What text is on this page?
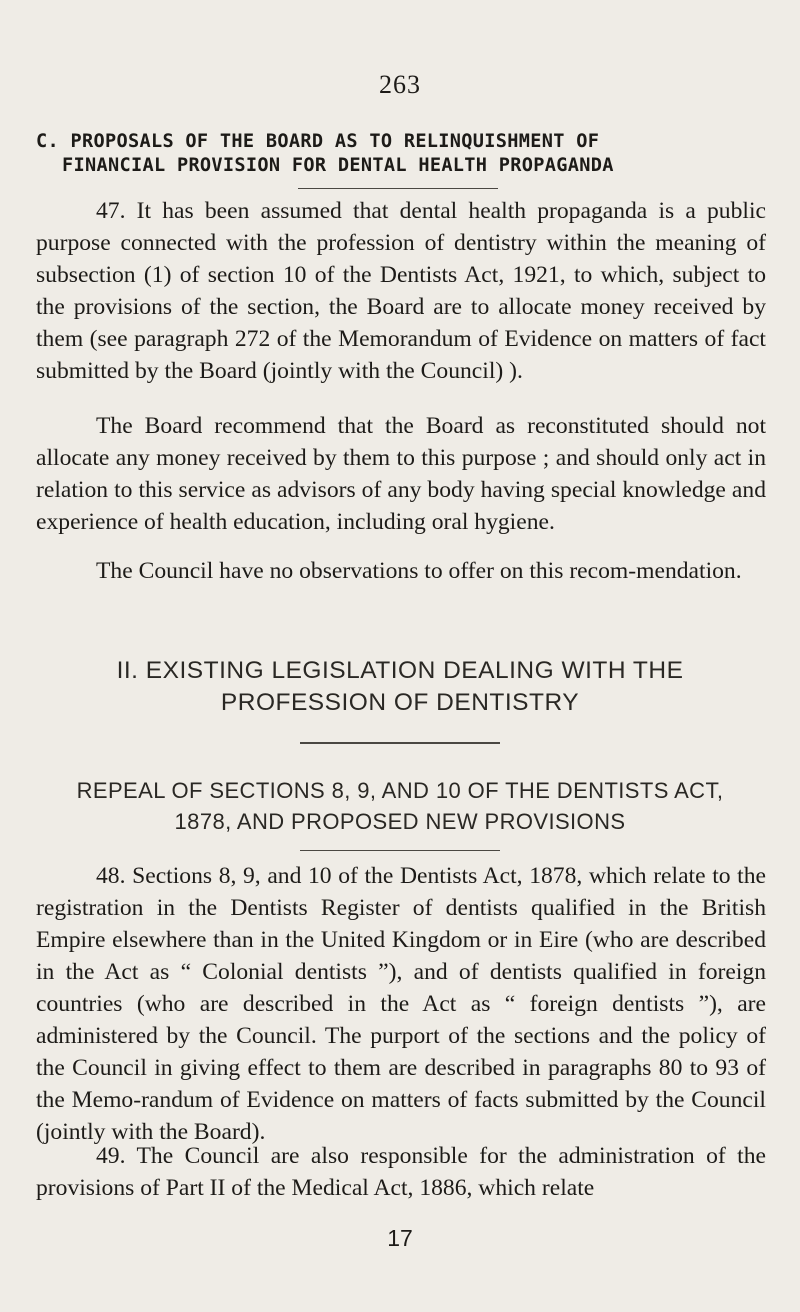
263
C. PROPOSALS OF THE BOARD AS TO RELINQUISHMENT OF
FINANCIAL PROVISION FOR DENTAL HEALTH PROPAGANDA

47. It has been assumed that dental health propaganda is a public purpose connected with the profession of dentistry within the meaning of subsection (1) of section 10 of the Dentists Act, 1921, to which, subject to the provisions of the section, the Board are to allocate money received by them (see paragraph 272 of the Memorandum of Evidence on matters of fact submitted by the Board (jointly with the Council) ).

The Board recommend that the Board as reconstituted should not allocate any money received by them to this purpose ; and should only act in relation to this service as advisors of any body having special knowledge and experience of health education, including oral hygiene.

The Council have no observations to offer on this recom-mendation.

II. EXISTING LEGISLATION DEALING WITH THE
PROFESSION OF DENTISTRY
REPEAL OF SECTIONS 8, 9, AND 10 OF THE DENTISTS ACT,
1878, AND PROPOSED NEW PROVISIONS

48. Sections 8, 9, and 10 of the Dentists Act, 1878, which relate to the registration in the Dentists Register of dentists qualified in the British Empire elsewhere than in the United Kingdom or in Eire (who are described in the Act as “ Colonial dentists ”), and of dentists qualified in foreign countries (who are described in the Act as “ foreign dentists ”), are administered by the Council. The purport of the sections and the policy of the Council in giving effect to them are described in paragraphs 80 to 93 of the Memo-randum of Evidence on matters of facts submitted by the Council (jointly with the Board).

49. The Council are also responsible for the administration of the provisions of Part II of the Medical Act, 1886, which relate

17
